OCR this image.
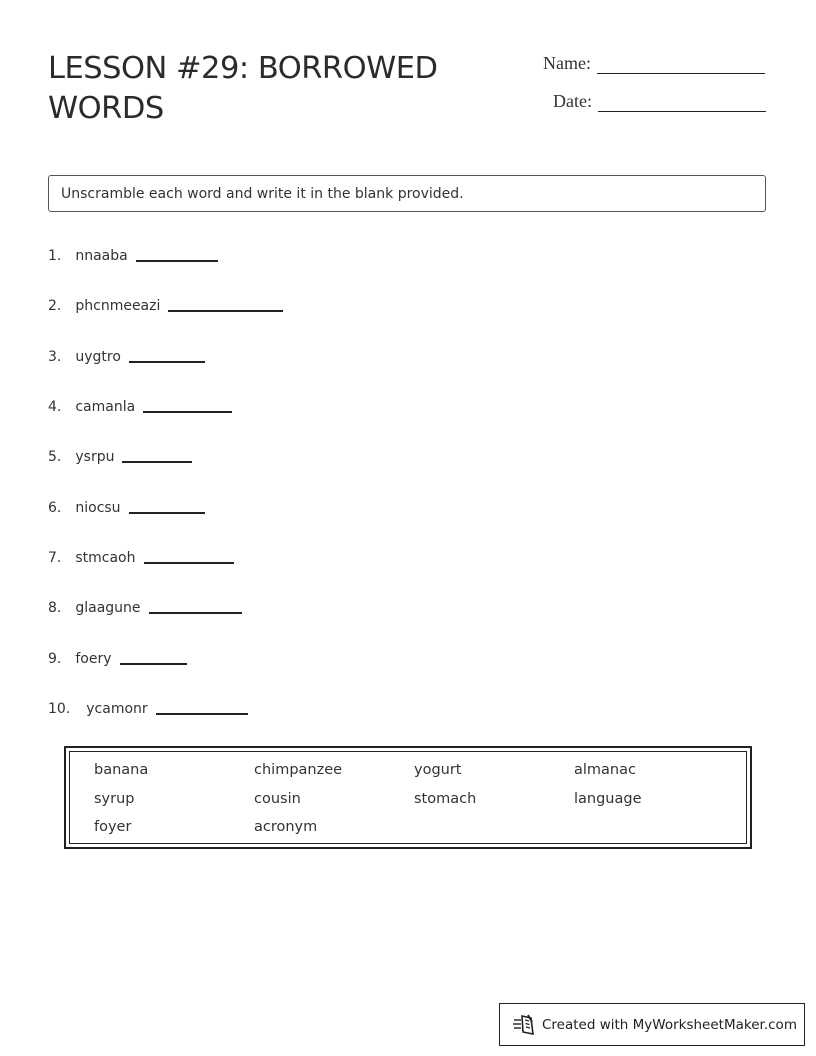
LESSON #29: BORROWED WORDS
Name:
Date:
Unscramble each word and write it in the blank provided.
1. nnaaba
2. phcnmeeazi
3. uygtro
4. camanla
5. ysrpu
6. niocsu
7. stmcaoh
8. glaagune
9. foery
10. ycamonr
banana	chimpanzee	yogurt	almanac
syrup	cousin	stomach	language
foyer	acronym
Created with MyWorksheetMaker.com
